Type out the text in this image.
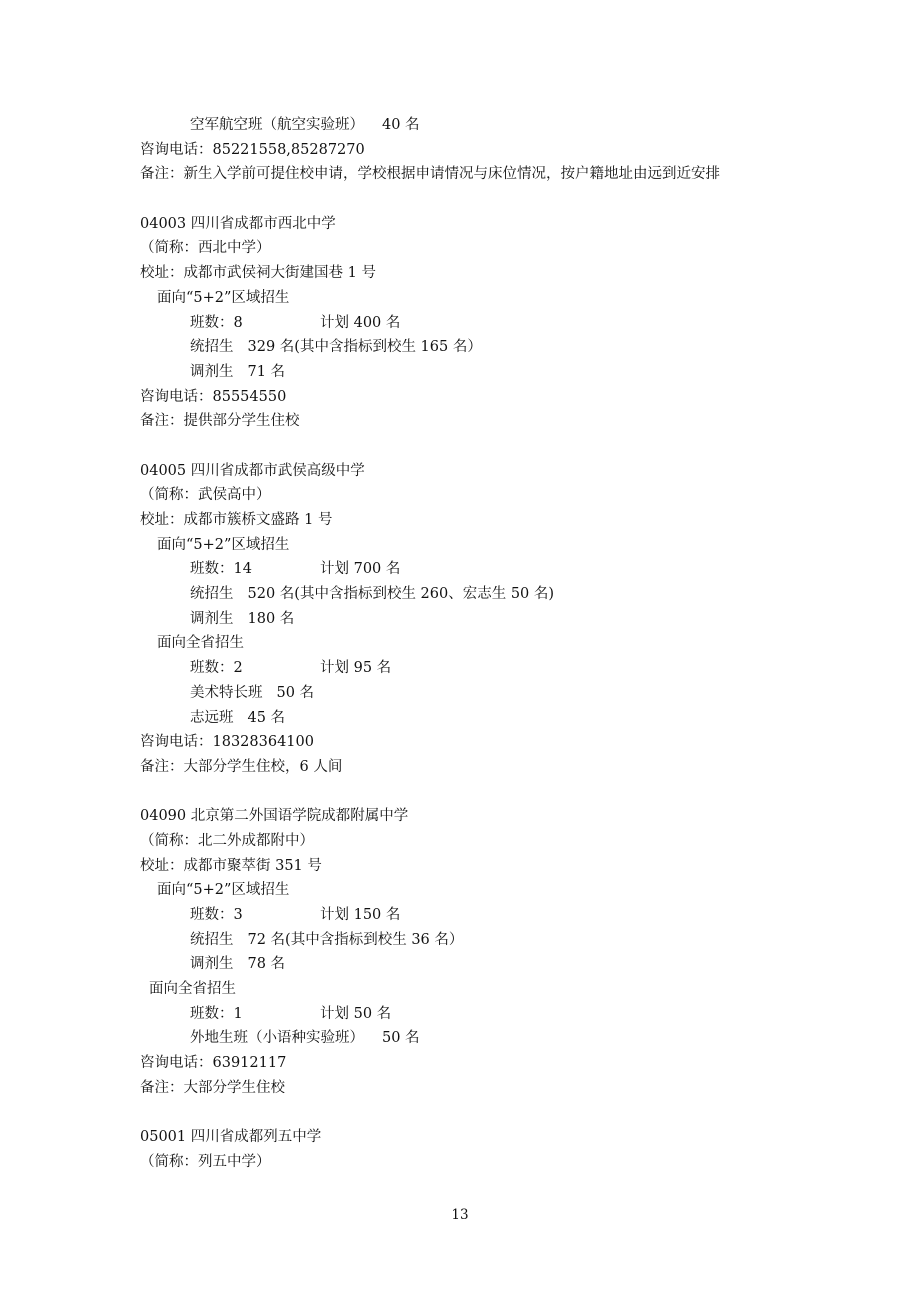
空军航空班（航空实验班） 40 名
咨询电话：85221558,85287270
备注：新生入学前可提住校申请，学校根据申请情况与床位情况，按户籍地址由远到近安排
04003 四川省成都市西北中学
（简称：西北中学）
校址：成都市武侯祠大街建国巷 1 号
面向“5+2”区域招生
班数：8	计划 400 名
统招生 329 名(其中含指标到校生 165 名）
调剂生 71 名
咨询电话：85554550
备注：提供部分学生住校
04005 四川省成都市武侯高级中学
（简称：武侯高中）
校址：成都市簇桥文盛路 1 号
面向“5+2”区域招生
班数：14	计划 700 名
统招生 520 名(其中含指标到校生 260、宏志生 50 名)
调剂生 180 名
面向全省招生
班数：2	计划 95 名
美术特长班 50 名
志远班 45 名
咨询电话：18328364100
备注：大部分学生住校，6 人间
04090 北京第二外国语学院成都附属中学
（简称：北二外成都附中）
校址：成都市聚萃街 351 号
面向“5+2”区域招生
班数：3	计划 150 名
统招生 72 名(其中含指标到校生 36 名）
调剂生 78 名
面向全省招生
班数：1	计划 50 名
外地生班（小语种实验班） 50 名
咨询电话：63912117
备注：大部分学生住校
05001 四川省成都列五中学
（简称：列五中学）
13
